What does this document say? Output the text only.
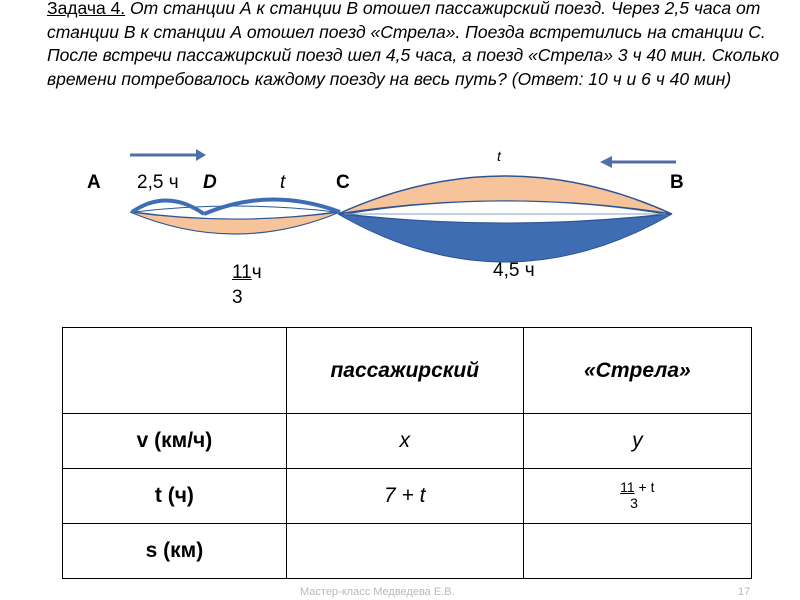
Задача 4. От станции А к станции В отошел пассажирский поезд. Через 2,5 часа от станции В к станции А отошел поезд «Стрела». Поезда встретились на станции С. После встречи пассажирский поезд шел 4,5 часа, а поезд «Стрела» 3 ч 40 мин. Сколько времени потребовалось каждому поезду на весь путь? (Ответ: 10 ч и 6 ч 40 мин)
А 2,5 ч D	t	С
t
В
11ч
3
4,5 ч
	пассажирский	«Стрела»
v (км/ч)	x	y
t (ч)	7 + t	11 + t
3
s (км)		
Мастер-класс Медведева Е.В.	17
